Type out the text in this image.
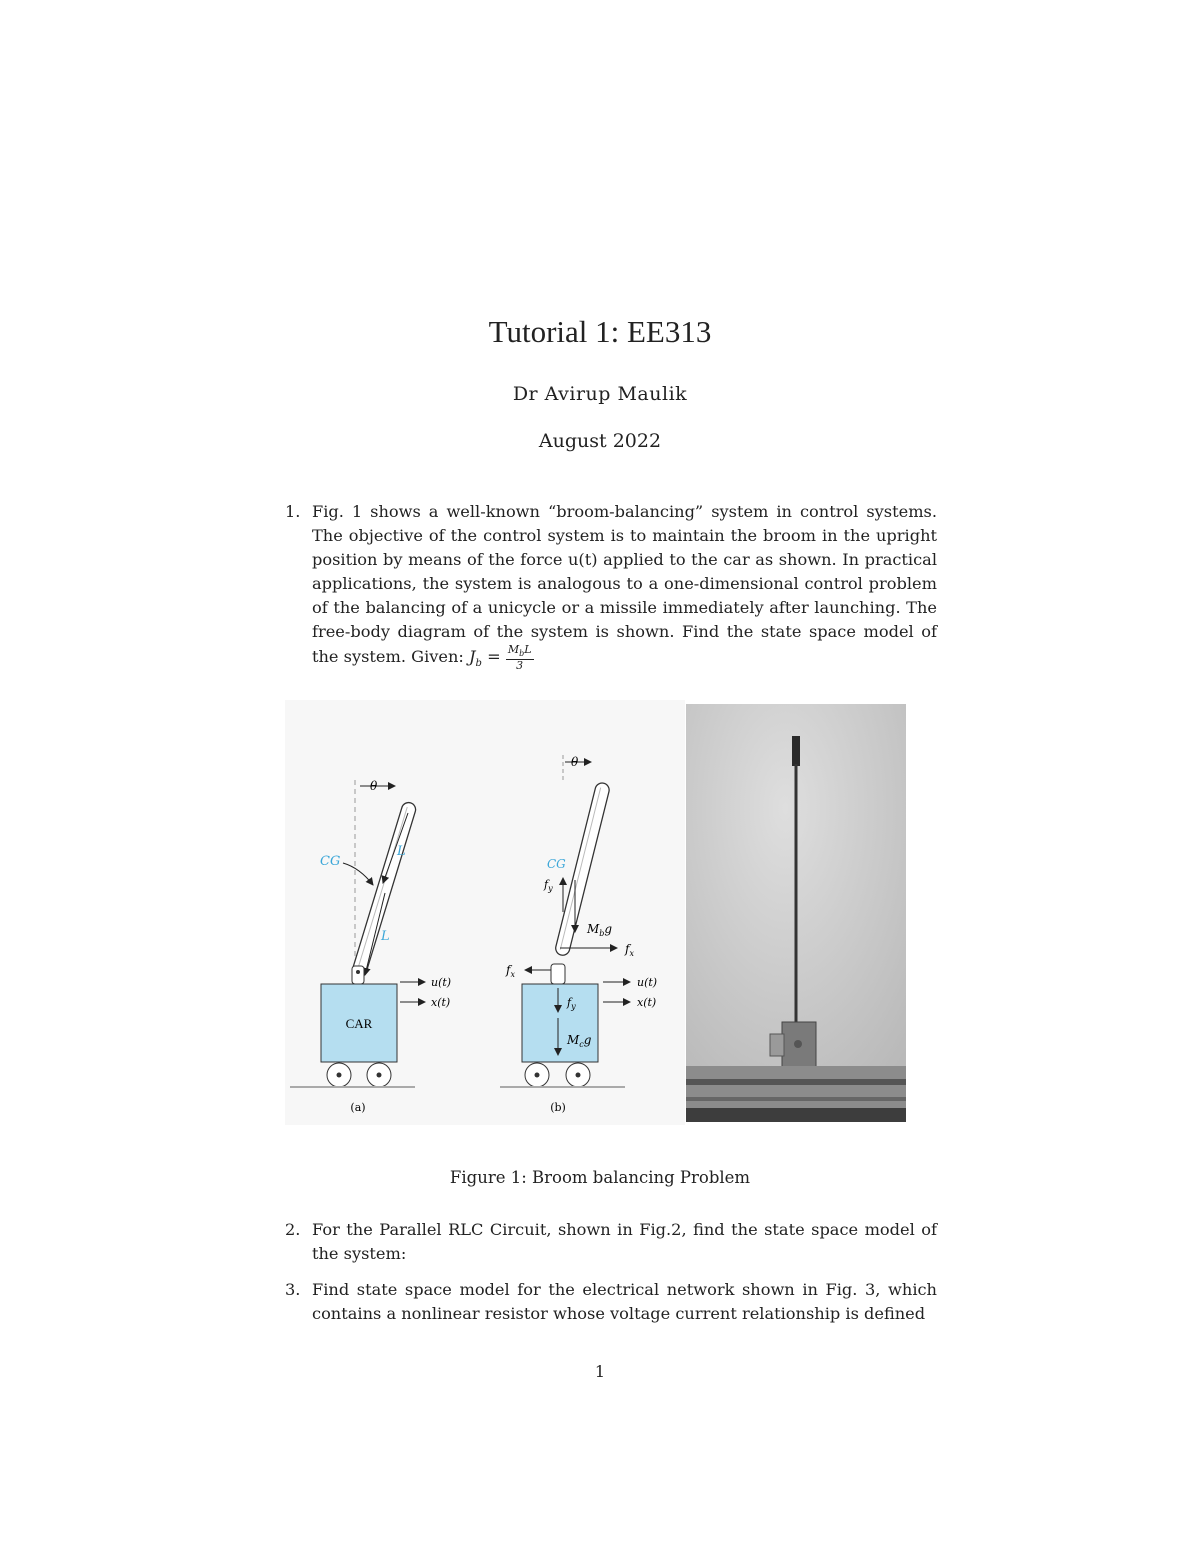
Tutorial 1: EE313
Dr Avirup Maulik
August 2022
1. Fig. 1 shows a well-known “broom-balancing” system in control systems. The objective of the control system is to maintain the broom in the upright position by means of the force u(t) applied to the car as shown. In practical applications, the system is analogous to a one-dimensional control problem of the balancing of a unicycle or a missile immediately after launching. The free-body diagram of the system is shown. Find the state space model of the system. Given: $J_b = \frac{M_bL}{3}$
θ
L
L
CG
CAR
u(t)
x(t)
(a)
θ
CG
$f_y$
$M_bg$
$f_x$
$f_x$
$f_y$
$M_cg$
u(t)
x(t)
(b)
Figure 1: Broom balancing Problem
2. For the Parallel RLC Circuit, shown in Fig.2, find the state space model of the system:
3. Find state space model for the electrical network shown in Fig. 3, which contains a nonlinear resistor whose voltage current relationship is defined
1
